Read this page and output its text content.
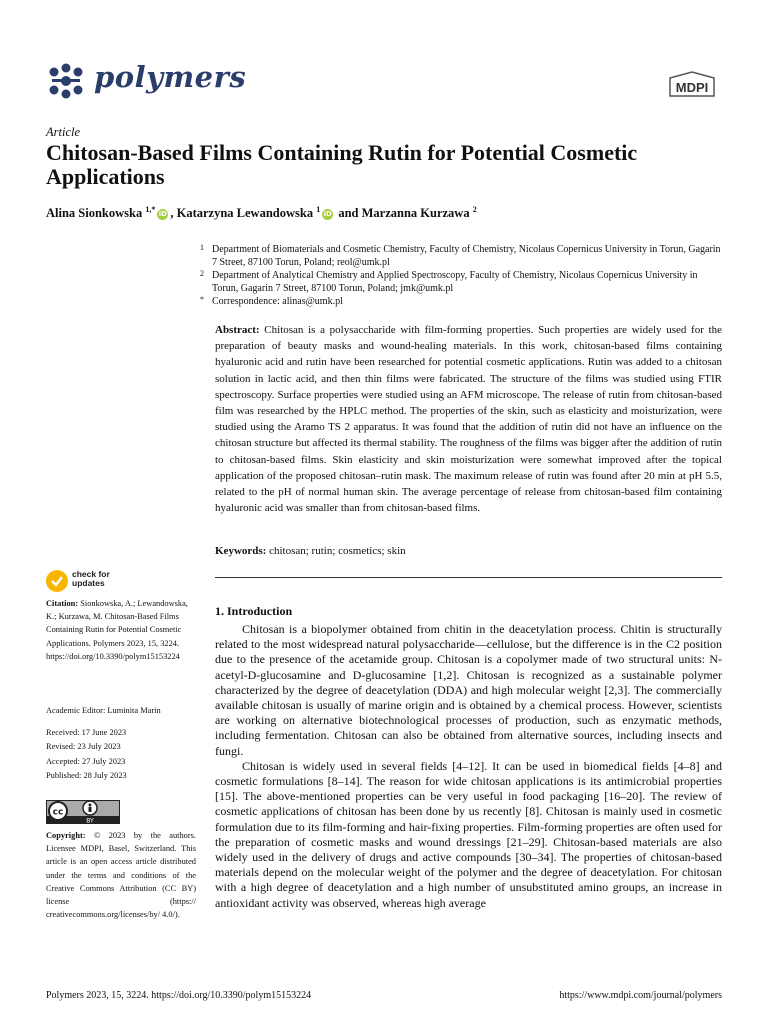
polymers	MDPI
Article
Chitosan-Based Films Containing Rutin for Potential Cosmetic Applications
Alina Sionkowska $^{1,*}$ iD , Katarzyna Lewandowska $^1$ iD and Marzanna Kurzawa $^2$
1 Department of Biomaterials and Cosmetic Chemistry, Faculty of Chemistry, Nicolaus Copernicus University in Torun, Gagarin 7 Street, 87100 Torun, Poland; reol@umk.pl
2 Department of Analytical Chemistry and Applied Spectroscopy, Faculty of Chemistry, Nicolaus Copernicus University in Torun, Gagarin 7 Street, 87100 Torun, Poland; jmk@umk.pl
* Correspondence: alinas@umk.pl
Abstract: Chitosan is a polysaccharide with film-forming properties. Such properties are widely used for the preparation of beauty masks and wound-healing materials. In this work, chitosan-based films containing hyaluronic acid and rutin have been researched for potential cosmetic applications. Rutin was added to a chitosan solution in lactic acid, and then thin films were fabricated. The structure of the films was studied using FTIR spectroscopy. Surface properties were studied using an AFM microscope. The release of rutin from chitosan-based film was researched by the HPLC method. The properties of the skin, such as elasticity and moisturization, were studied using the Aramo TS 2 apparatus. It was found that the addition of rutin did not have an influence on the chitosan structure but affected its thermal stability. The roughness of the films was bigger after the addition of rutin to chitosan-based films. Skin elasticity and skin moisturization were somewhat improved after the topical application of the proposed chitosan–rutin mask. The maximum release of rutin was found after 20 min at pH 5.5, related to the pH of normal human skin. The average percentage of release from chitosan-based film containing hyaluronic acid was smaller than from chitosan-based films.
Keywords: chitosan; rutin; cosmetics; skin
check for updates
Citation: Sionkowska, A.; Lewandowska, K.; Kurzawa, M. Chitosan-Based Films Containing Rutin for Potential Cosmetic Applications. Polymers 2023, 15, 3224. https://doi.org/10.3390/polym15153224
Academic Editor: Luminita Marin
Received: 17 June 2023
Revised: 23 July 2023
Accepted: 27 July 2023
Published: 28 July 2023
cc
BY
Copyright: © 2023 by the authors. Licensee MDPI, Basel, Switzerland. This article is an open access article distributed under the terms and conditions of the Creative Commons Attribution (CC BY) license (https:// creativecommons.org/licenses/by/ 4.0/).
1. Introduction

Chitosan is a biopolymer obtained from chitin in the deacetylation process. Chitin is structurally related to the most widespread natural polysaccharide—cellulose, but the difference is in the C2 position due to the presence of the acetamide group. Chitosan is a copolymer made of two structural units: N-acetyl-D-glucosamine and D-glucosamine [1,2]. Chitosan is recognized as a sustainable polymer characterized by the degree of deacetylation (DDA) and high molecular weight [2,3]. The commercially available chitosan is usually of marine origin and is obtained by a chemical process. However, scientists are working on alternative biotechnological processes of production, such as enzymatic methods, including fermentation. Chitosan can also be obtained from alternative sources, including insects and fungi.

Chitosan is widely used in several fields [4–12]. It can be used in biomedical fields [4–8] and cosmetic formulations [8–14]. The reason for wide chitosan applications is its antimicrobial properties [15]. The above-mentioned properties can be very useful in food packaging [16–20]. The review of cosmetic applications of chitosan has been done by us recently [8]. Chitosan is mainly used in cosmetic formulation due to its film-forming and hair-fixing properties. Film-forming properties are often used for the preparation of cosmetic masks and wound dressings [21–29]. Chitosan-based materials are also widely used in the delivery of drugs and active compounds [30–34]. The properties of chitosan-based materials depend on the molecular weight of the polymer and the degree of deacetylation. For chitosan with a high degree of deacetylation and a high number of unsubstituted amino groups, an increase in antioxidant activity was observed, whereas high average

Polymers 2023, 15, 3224. https://doi.org/10.3390/polym15153224	https://www.mdpi.com/journal/polymers
